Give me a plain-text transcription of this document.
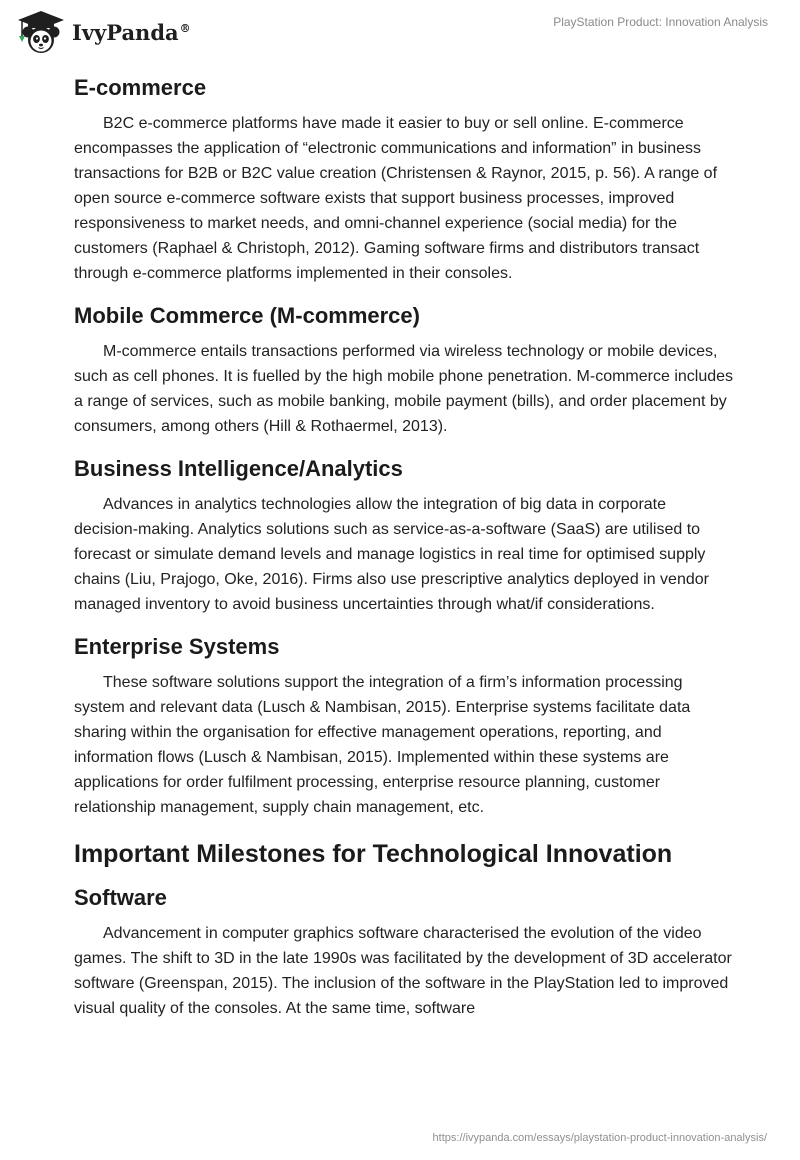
IvyPanda®	PlayStation Product: Innovation Analysis
E-commerce

B2C e-commerce platforms have made it easier to buy or sell online. E-commerce encompasses the application of “electronic communications and information” in business transactions for B2B or B2C value creation (Christensen & Raynor, 2015, p. 56). A range of open source e-commerce software exists that support business processes, improved responsiveness to market needs, and omni-channel experience (social media) for the customers (Raphael & Christoph, 2012). Gaming software firms and distributors transact through e-commerce platforms implemented in their consoles.

Mobile Commerce (M-commerce)

M-commerce entails transactions performed via wireless technology or mobile devices, such as cell phones. It is fuelled by the high mobile phone penetration. M-commerce includes a range of services, such as mobile banking, mobile payment (bills), and order placement by consumers, among others (Hill & Rothaermel, 2013).

Business Intelligence/Analytics

Advances in analytics technologies allow the integration of big data in corporate decision-making. Analytics solutions such as service-as-a-software (SaaS) are utilised to forecast or simulate demand levels and manage logistics in real time for optimised supply chains (Liu, Prajogo, Oke, 2016). Firms also use prescriptive analytics deployed in vendor managed inventory to avoid business uncertainties through what/if considerations.

Enterprise Systems

These software solutions support the integration of a firm’s information processing system and relevant data (Lusch & Nambisan, 2015). Enterprise systems facilitate data sharing within the organisation for effective management operations, reporting, and information flows (Lusch & Nambisan, 2015). Implemented within these systems are applications for order fulfilment processing, enterprise resource planning, customer relationship management, supply chain management, etc.

Important Milestones for Technological Innovation
Software

Advancement in computer graphics software characterised the evolution of the video games. The shift to 3D in the late 1990s was facilitated by the development of 3D accelerator software (Greenspan, 2015). The inclusion of the software in the PlayStation led to improved visual quality of the consoles. At the same time, software

https://ivypanda.com/essays/playstation-product-innovation-analysis/
